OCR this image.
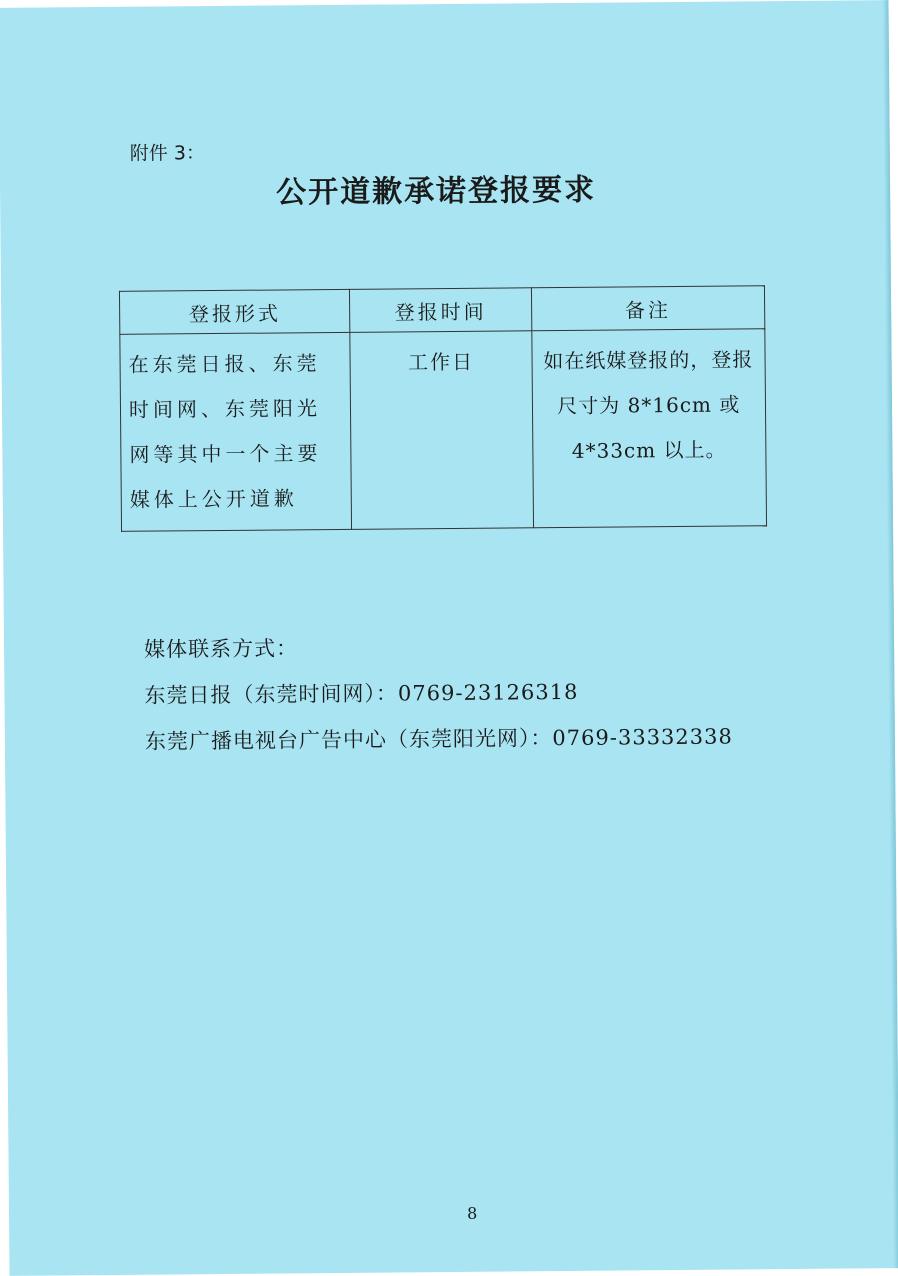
附件 3：
公开道歉承诺登报要求
登报形式	登报时间	备注
在东莞日报、东莞时间网、东莞阳光网等其中一个主要媒体上公开道歉	工作日	如在纸媒登报的，登报尺寸为 8*16cm 或 4*33cm 以上。
媒体联系方式：
东莞日报（东莞时间网）：0769-23126318
东莞广播电视台广告中心（东莞阳光网）：0769-33332338
8
